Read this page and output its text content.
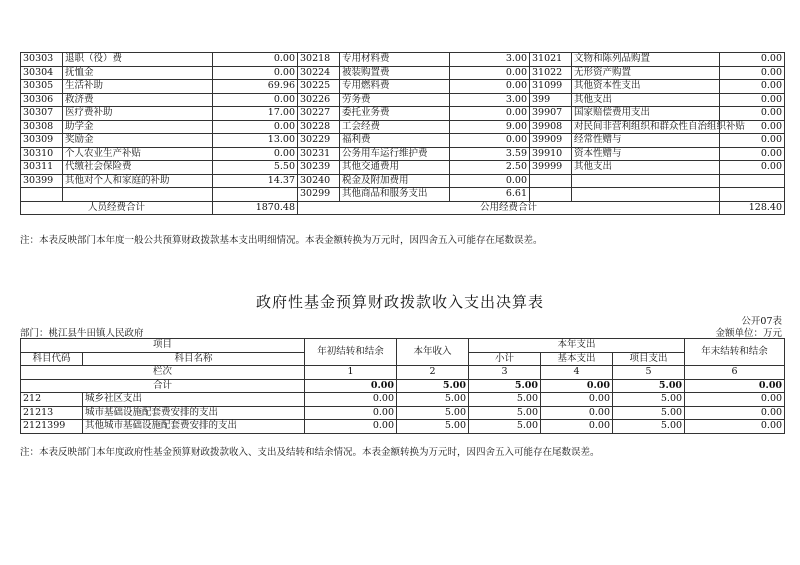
30303	退职（役）费	0.00	30218	专用材料费	3.00	31021	文物和陈列品购置	0.00
30304	抚恤金	0.00	30224	被装购置费	0.00	31022	无形资产购置	0.00
30305	生活补助	69.96	30225	专用燃料费	0.00	31099	其他资本性支出	0.00
30306	救济费	0.00	30226	劳务费	3.00	399	其他支出	0.00
30307	医疗费补助	17.00	30227	委托业务费	0.00	39907	国家赔偿费用支出	0.00
30308	助学金	0.00	30228	工会经费	9.00	39908	对民间非营利组织和群众性自治组织补贴	0.00
30309	奖励金	13.00	30229	福利费	0.00	39909	经常性赠与	0.00
30310	个人农业生产补贴	0.00	30231	公务用车运行维护费	3.59	39910	资本性赠与	0.00
30311	代缴社会保险费	5.50	30239	其他交通费用	2.50	39999	其他支出	0.00
30399	其他对个人和家庭的补助	14.37	30240	税金及附加费用	0.00			
			30299	其他商品和服务支出	6.61			
人员经费合计		1870.48	公用经费合计					128.40
注：本表反映部门本年度一般公共预算财政拨款基本支出明细情况。本表金额转换为万元时，因四舍五入可能存在尾数误差。
政府性基金预算财政拨款收入支出决算表
公开07表
部门：桃江县牛田镇人民政府	金额单位：万元
项目		年初结转和结余	本年收入	本年支出			年末结转和结余
科目代码	科目名称			小计	基本支出	项目支出	
栏次		1	2	3	4	5	6
合计		0.00	5.00	5.00	0.00	5.00	0.00
212	城乡社区支出	0.00	5.00	5.00	0.00	5.00	0.00
21213	城市基础设施配套费安排的支出	0.00	5.00	5.00	0.00	5.00	0.00
2121399	其他城市基础设施配套费安排的支出	0.00	5.00	5.00	0.00	5.00	0.00
注：本表反映部门本年度政府性基金预算财政拨款收入、支出及结转和结余情况。本表金额转换为万元时，因四舍五入可能存在尾数误差。
